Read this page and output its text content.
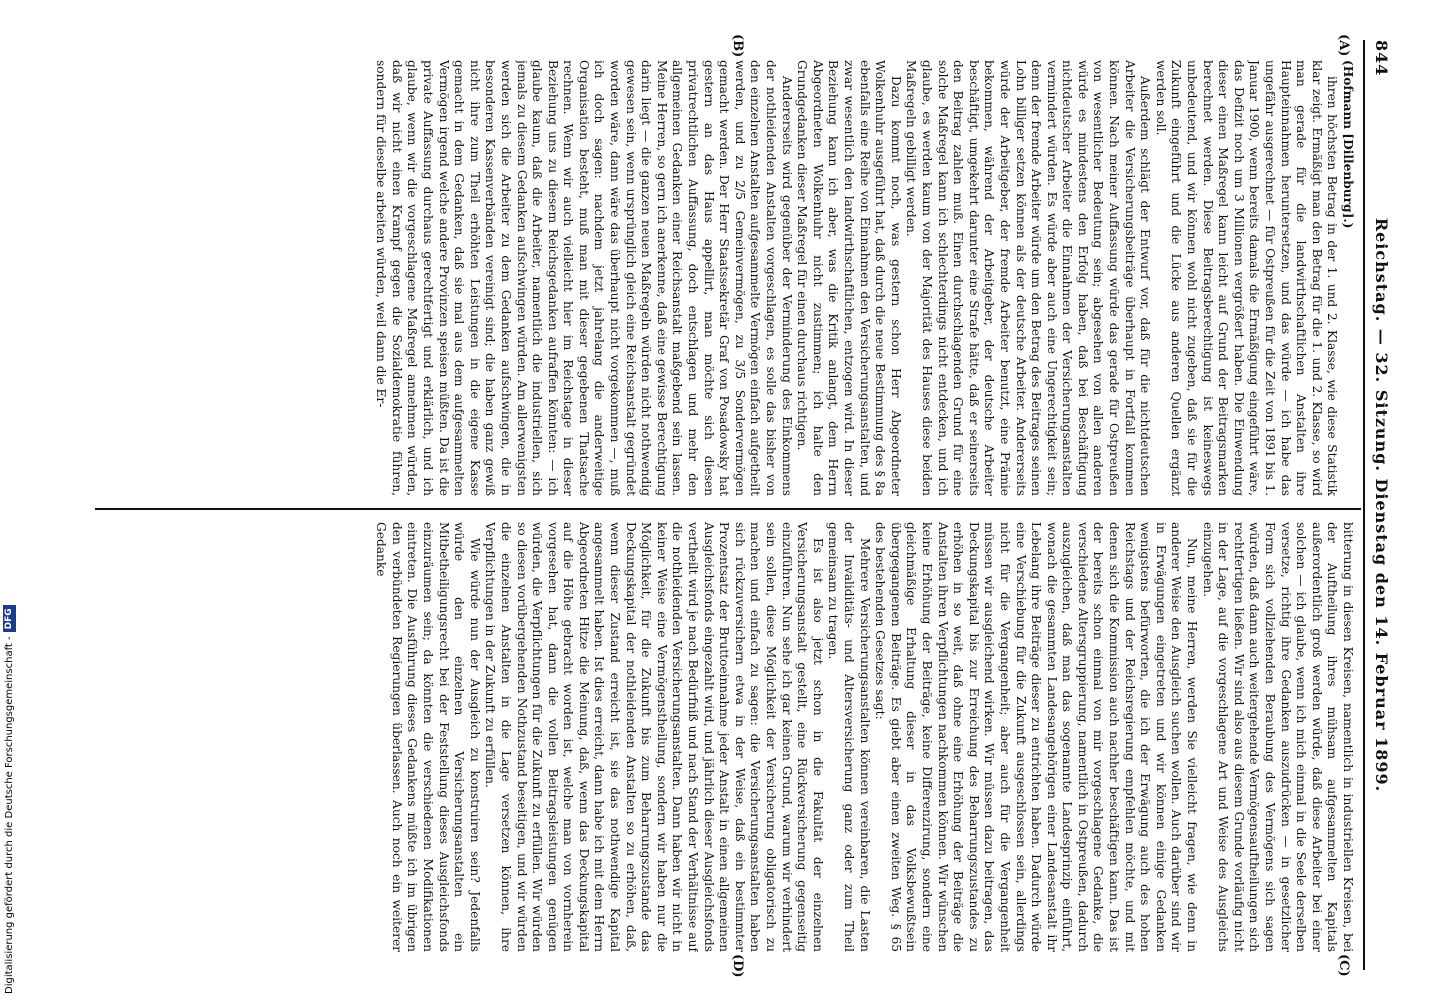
Digitalisierung gefördert durch die Deutsche Forschungsgemeinschaft -
DFG
844
Reichstag. — 32. Sitzung. Dienstag den 14. Februar 1899.
(A)
(B)
(C)
(D)

(Hofmann [Dillenburg].)

ihren höchsten Betrag in der 1. und 2. Klasse, wie diese Statistik klar zeigt. Ermäßigt man den Betrag für die 1. und 2. Klasse, so wird man gerade für die landwirthschaftlichen Anstalten ihre Haupteinnahmen heruntersetzen, und das würde — ich habe das ungefähr ausgerechnet — für Ostpreußen für die Zeit von 1891 bis 1. Januar 1900, wenn bereits damals die Ermäßigung eingeführt wäre, das Defizit noch um 3 Millionen vergrößert haben. Die Einwendung dieser einen Maßregel kann leicht auf Grund der Beitragsmarken berechnet werden. Diese Beitragsberechtigung ist keineswegs unbedeutend, und wir können wohl nicht zugeben, daß sie für die Zukunft eingeführt und die Lücke aus anderen Quellen ergänzt werden soll.

Außerdem schlägt der Entwurf vor, daß für die nichtdeutschen Arbeiter die Versicherungsbeiträge überhaupt in Fortfall kommen können. Nach meiner Auffassung würde das gerade für Ostpreußen von wesentlicher Bedeutung sein; abgesehen von allen anderen würde es mindestens den Erfolg haben, daß bei Beschäftigung nichtdeutscher Arbeiter die Einnahmen der Versicherungsanstalten vermindert würden. Es würde aber auch eine Ungerechtigkeit sein; denn der fremde Arbeiter würde um den Betrag des Beitrages seinen Lohn billiger setzen können als der deutsche Arbeiter. Andererseits würde der Arbeitgeber, der fremde Arbeiter benutzt, eine Prämie bekommen, während der Arbeitgeber, der deutsche Arbeiter beschäftigt, umgekehrt darunter eine Strafe hätte, daß er seinerseits den Beitrag zahlen muß. Einen durchschlagenden Grund für eine solche Maßregel kann ich schlechterdings nicht entdecken, und ich glaube, es werden kaum von der Majorität des Hauses diese beiden Maßregeln gebilligt werden.

Dazu kommt noch, was gestern schon Herr Abgeordneter Wolkenhuhr ausgeführt hat, daß durch die neue Bestimmung des § 8a ebenfalls eine Reihe von Einnahmen den Versicherungsanstalten, und zwar wesentlich den landwirthschaftlichen, entzogen wird. In dieser Beziehung kann ich aber, was die Kritik anlangt, dem Herrn Abgeordneten Wolkenhuhr nicht zustimmen; ich halte den Grundgedanken dieser Maßregel für einen durchaus richtigen.

Andererseits wird gegenüber der Verminderung des Einkommens der nothleidenden Anstalten vorgeschlagen, es solle das bisher von den einzelnen Anstalten aufgesammelte Vermögen einfach aufgetheilt werden, und zu 2/5 Gemeinvermögen, zu 3/5 Sondervermögen gemacht werden. Der Herr Staatssekretär Graf von Posadowsky hat gestern an das Haus appellirt, man möchte sich diesen privatrechtlichen Auffassung, doch entschlagen und mehr den allgemeinen Gedanken einer Reichsanstalt maßgebend sein lassen. Meine Herren, so gern ich anerkenne, daß eine gewisse Berechtigung darin liegt — die ganzen neuen Maßregeln würden nicht nothwendig gewesen sein, wenn ursprünglich gleich eine Reichsanstalt gegründet worden wäre, dann wäre das überhaupt nicht vorgekommen —, muß ich doch sagen: nachdem jetzt jahrelang die anderweitige Organisation besteht, muß man mit dieser gegebenen Thatsache rechnen. Wenn wir auch vielleicht hier im Reichstage in dieser Beziehung uns zu diesem Reichsgedanken aufraffen könnten: — ich glaube kaum, daß die Arbeiter, namentlich die industriellen, sich jemals zu diesem Gedanken aufschwingen würden. Am allerwenigsten werden sich die Arbeiter zu dem Gedanken aufschwingen, die in besonderen Kassenverbänden vereinigt sind; die haben ganz gewiß nicht ihre zum Theil erhöhten Leistungen in die eigene Kasse gemacht in dem Gedanken, daß sie mal aus dem aufgesammelten Vermögen irgend welche andere Provinzen speisen müßten. Da ist die private Auffassung durchaus gerechtfertigt und erklärlich, und ich glaube, wenn wir die vorgeschlagene Maßregel annehmen würden, daß wir nicht einen Krampf gegen die Sozialdemokratie führen, sondern für dieselbe arbeiten würden, weil dann die Er-

bitterung in diesen Kreisen, namentlich in industriellen Kreisen, bei der Auftheilung ihres mühsam aufgesammelten Kapitals außerordentlich groß werden würde, daß diese Arbeiter bei einer solchen — ich glaube, wenn ich mich einmal in die Seele derselben versetze, richtig ihre Gedanken auszudrücken — in gesetzlicher Form sich vollziehenden Beraubung des Vermögens sich sagen würden, daß dann auch weitergehende Vermögensauftheilungen sich rechtfertigen ließen. Wir sind also aus diesem Grunde vorläufig nicht in der Lage, auf die vorgeschlagene Art und Weise des Ausgleichs einzugehen.

Nun, meine Herren, werden Sie vielleicht fragen, wie denn in anderer Weise den Ausgleich suchen wollen. Auch darüber sind wir in Erwägungen eingetreten und wir können einige Gedanken wenigstens befürworten, die ich der Erwägung auch des hohen Reichstags und der Reichsregierung empfehlen möchte, und mit denen sich die Kommission auch nachher beschäftigen kann. Das ist der bereits schon einmal von mir vorgeschlagene Gedanke, die verschiedene Altersgruppierung, namentlich in Ostpreußen, dadurch auszugleichen, daß man das sogenannte Landesprinzip einführt, wonach die gesammten Landesangehörigen einer Landesanstalt ihr Lebelang ihre Beiträge dieser zu entrichten haben. Dadurch würde eine Verschiebung für die Zukunft ausgeschlossen sein, allerdings nicht für die Vergangenheit; aber auch für die Vergangenheit müssen wir ausgleichend wirken. Wir müssen dazu beitragen, das Deckungskapital bis zur Erreichung des Beharrungszustandes zu erhöhen in so weit, daß ohne eine Erhöhung der Beiträge die Anstalten ihren Verpflichtungen nachkommen können. Wir wünschen keine Erhöhung der Beiträge, keine Differenzirung, sondern eine gleichmäßige Erhaltung dieser in das Volksbewußtsein übergegangenen Beiträge. Es giebt aber einen zweiten Weg. § 65 des bestehenden Gesetzes sagt:

Mehrere Versicherungsanstalten können vereinbaren, die Lasten der Invaliditäts- und Altersversicherung ganz oder zum Theil gemeinsam zu tragen.

Es ist also jetzt schon in die Fakultät der einzelnen Versicherungsanstalt gestellt, eine Rückversicherung gegenseitig einzuführen. Nun sehe ich gar keinen Grund, warum wir verhindert sein sollen, diese Möglichkeit der Versicherung obligatorisch zu machen und einfach zu sagen: die Versicherungsanstalten haben sich rückzuversichern etwa in der Weise, daß ein bestimmter Prozentsatz der Bruttoeinnahme jeder Anstalt in einen allgemeinen Ausgleichsfonds eingezahlt wird, und jährlich dieser Ausgleichsfonds vertheilt wird je nach Bedürfniß und nach Stand der Verhältnisse auf die nothleidenden Versicherungsanstalten. Dann haben wir nicht in keiner Weise eine Vermögenstheilung, sondern wir haben nur die Möglichkeit, für die Zukunft bis zum Beharrungszustande das Deckungskapital der nothleidenden Anstalten so zu erhöhen, daß, wenn dieser Zustand erreicht ist, sie das nothwendige Kapital angesammelt haben. Ist dies erreicht, dann habe ich mit dem Herrn Abgeordneten Hitze die Meinung, daß, wenn das Deckungskapital auf die Höhe gebracht worden ist, welche man von vornherein vorgesehen hat, dann die vollen Beitragsleistungen genügen würden, die Verpflichtungen für die Zukunft zu erfüllen. Wir würden so diesen vorübergehenden Nothzustand beseitigen, und wir würden die einzelnen Anstalten in die Lage versetzen können, ihre Verpflichtungen in der Zukunft zu erfüllen.

Wie würde nun der Ausgleich zu konstruiren sein? Jedenfalls würde den einzelnen Versicherungsanstalten ein Mitbetheiligungsrecht bei der Feststellung dieses Ausgleichsfonds einzuräumen sein; da könnten die verschiedenen Modifikationen eintreten. Die Ausführung dieses Gedankens müßte ich im übrigen den verbündeten Regierungen überlassen. Auch noch ein weiterer Gedanke
